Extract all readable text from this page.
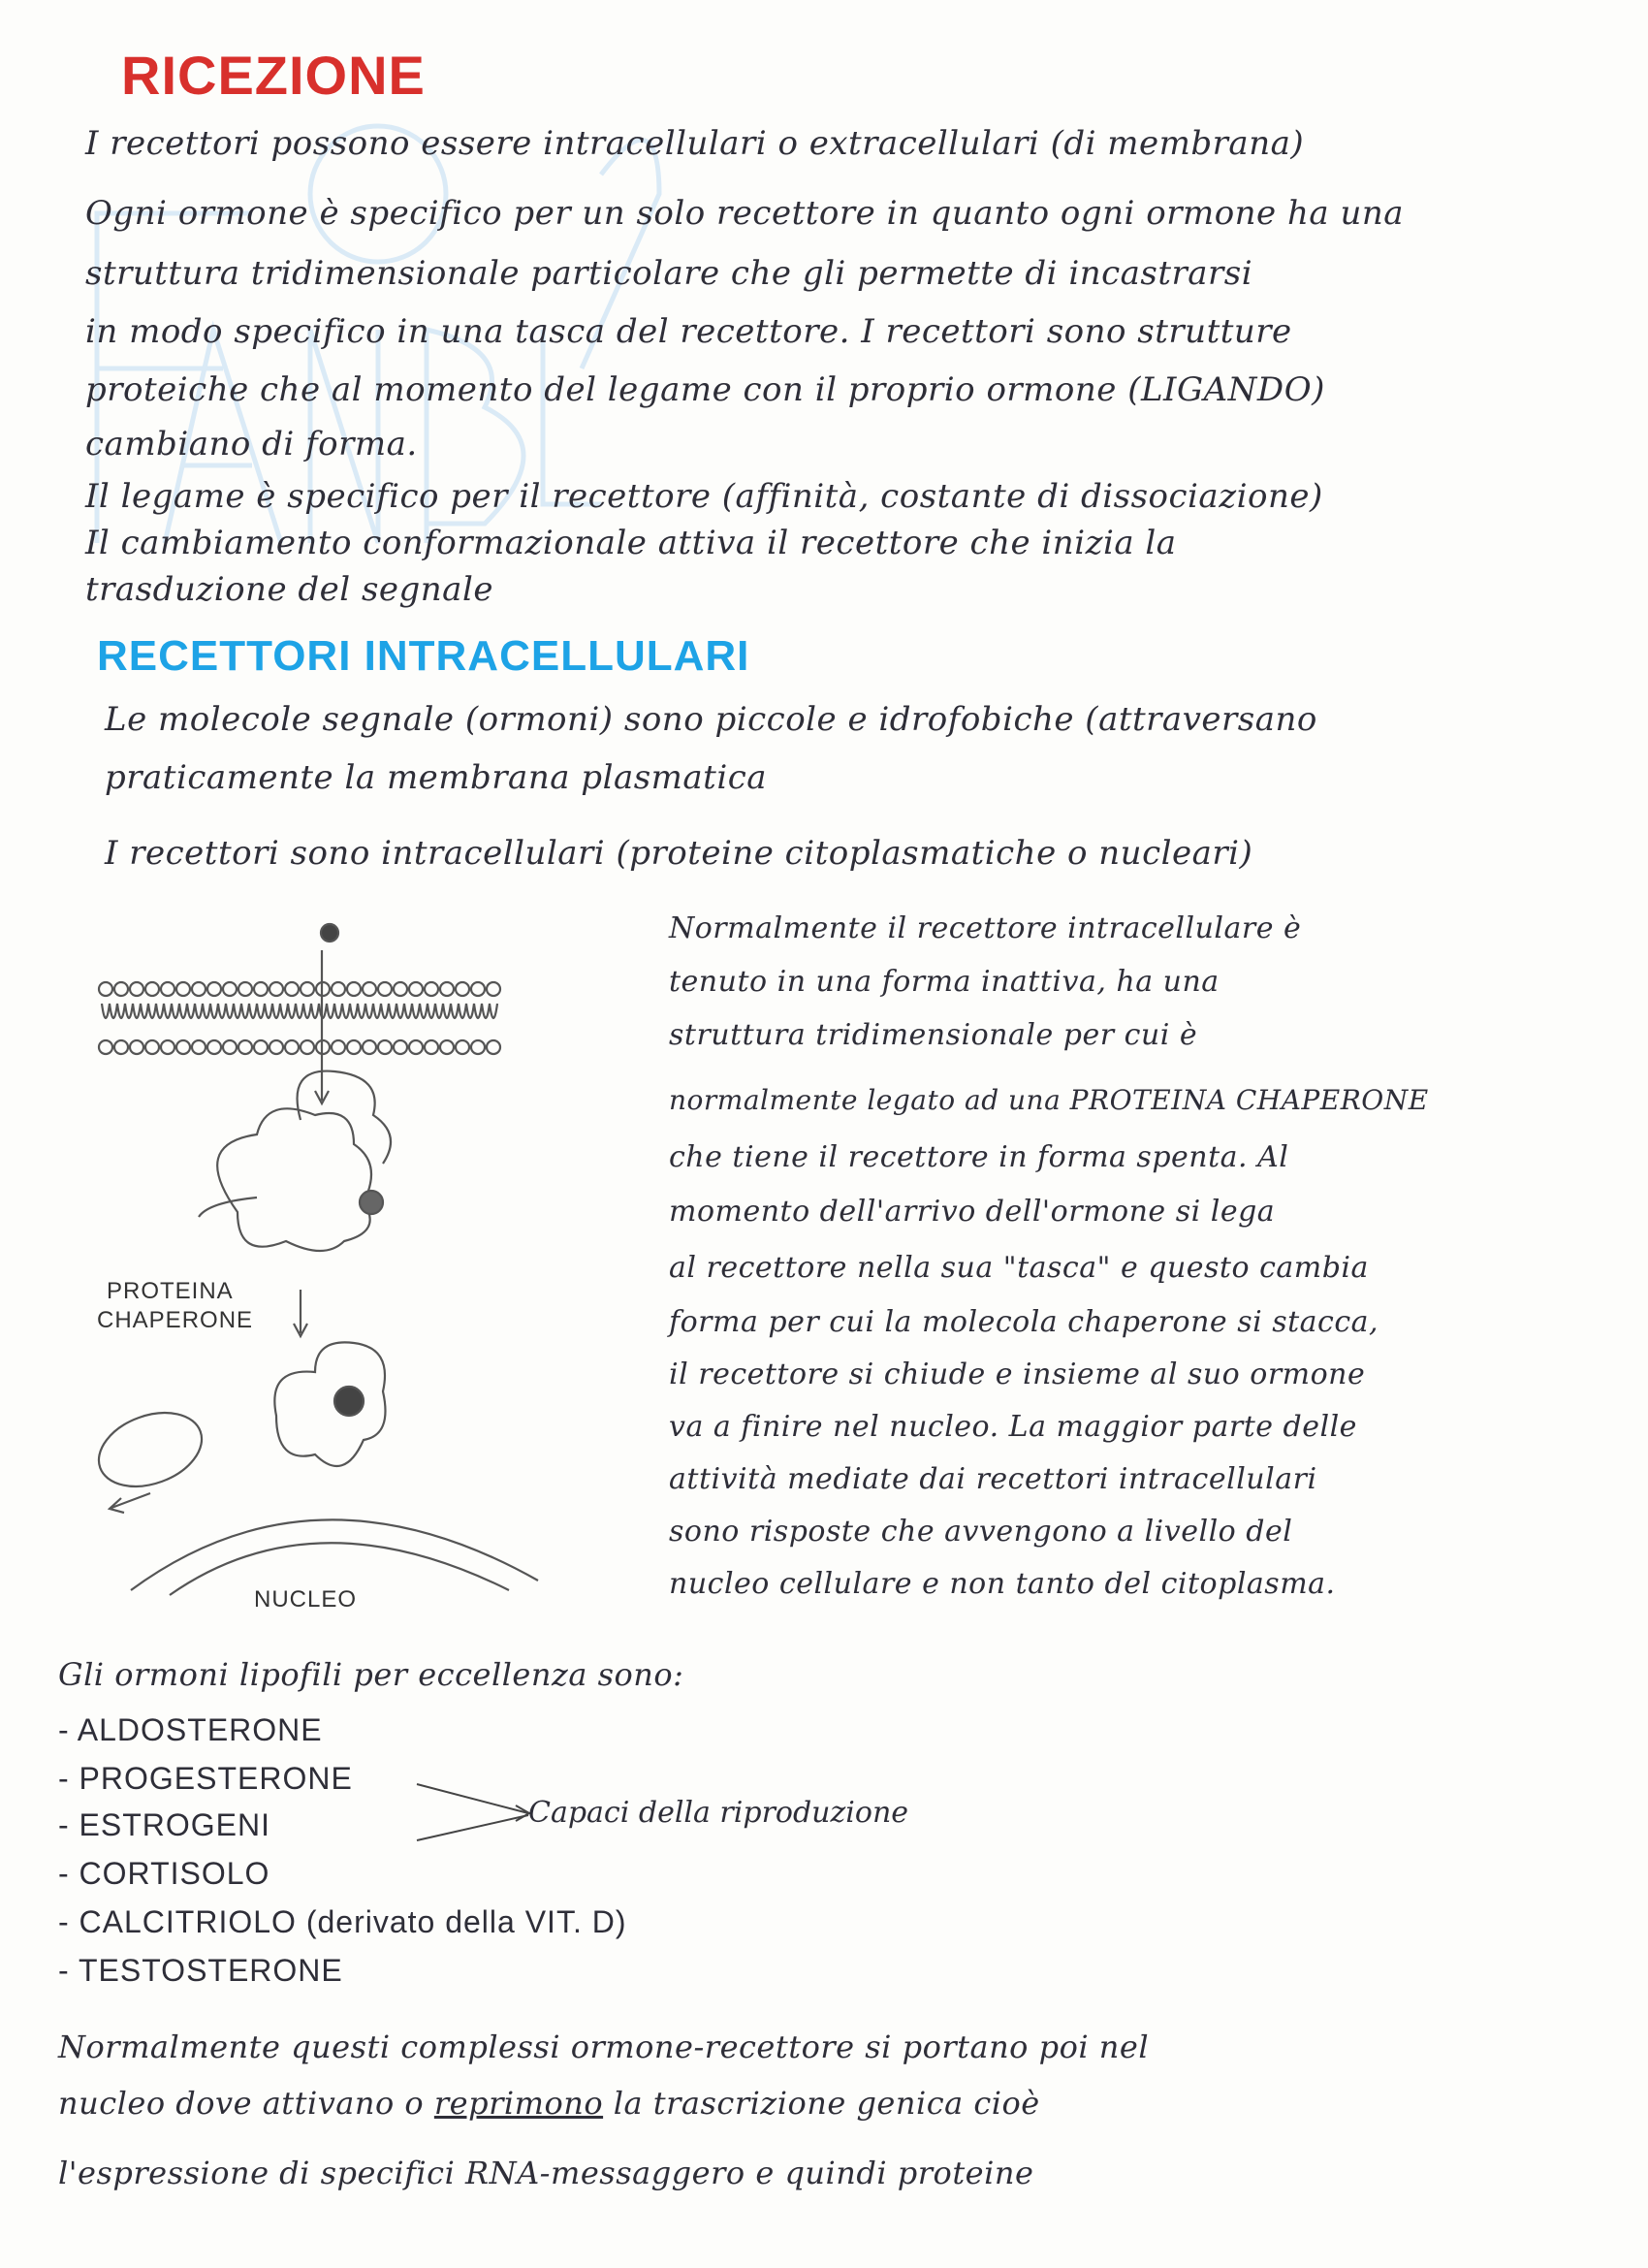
RICEZIONE
I recettori possono essere intracellulari o extracellulari (di membrana)
Ogni ormone è specifico per un solo recettore in quanto ogni ormone ha una
struttura tridimensionale particolare che gli permette di incastrarsi
in modo specifico in una tasca del recettore. I recettori sono strutture
proteiche che al momento del legame con il proprio ormone (LIGANDO)
cambiano di forma.
Il legame è specifico per il recettore (affinità, costante di dissociazione)
Il cambiamento conformazionale attiva il recettore che inizia la
trasduzione del segnale
RECETTORI INTRACELLULARI
Le molecole segnale (ormoni) sono piccole e idrofobiche (attraversano
praticamente la membrana plasmatica
I recettori sono intracellulari (proteine citoplasmatiche o nucleari)
PROTEINA
CHAPERONE
NUCLEO
Normalmente il recettore intracellulare è
tenuto in una forma inattiva, ha una
struttura tridimensionale per cui è
normalmente legato ad una PROTEINA CHAPERONE
che tiene il recettore in forma spenta. Al
momento dell'arrivo dell'ormone si lega
al recettore nella sua "tasca" e questo cambia
forma per cui la molecola chaperone si stacca,
il recettore si chiude e insieme al suo ormone
va a finire nel nucleo. La maggior parte delle
attività mediate dai recettori intracellulari
sono risposte che avvengono a livello del
nucleo cellulare e non tanto del citoplasma.
Gli ormoni lipofili per eccellenza sono:
- ALDOSTERONE
- PROGESTERONE
- ESTROGENI
- CORTISOLO
- CALCITRIOLO (derivato della VIT. D)
- TESTOSTERONE
Capaci della riproduzione
Normalmente questi complessi ormone-recettore si portano poi nel
nucleo dove attivano o reprimono la trascrizione genica cioè
l'espressione di specifici RNA-messaggero e quindi proteine
